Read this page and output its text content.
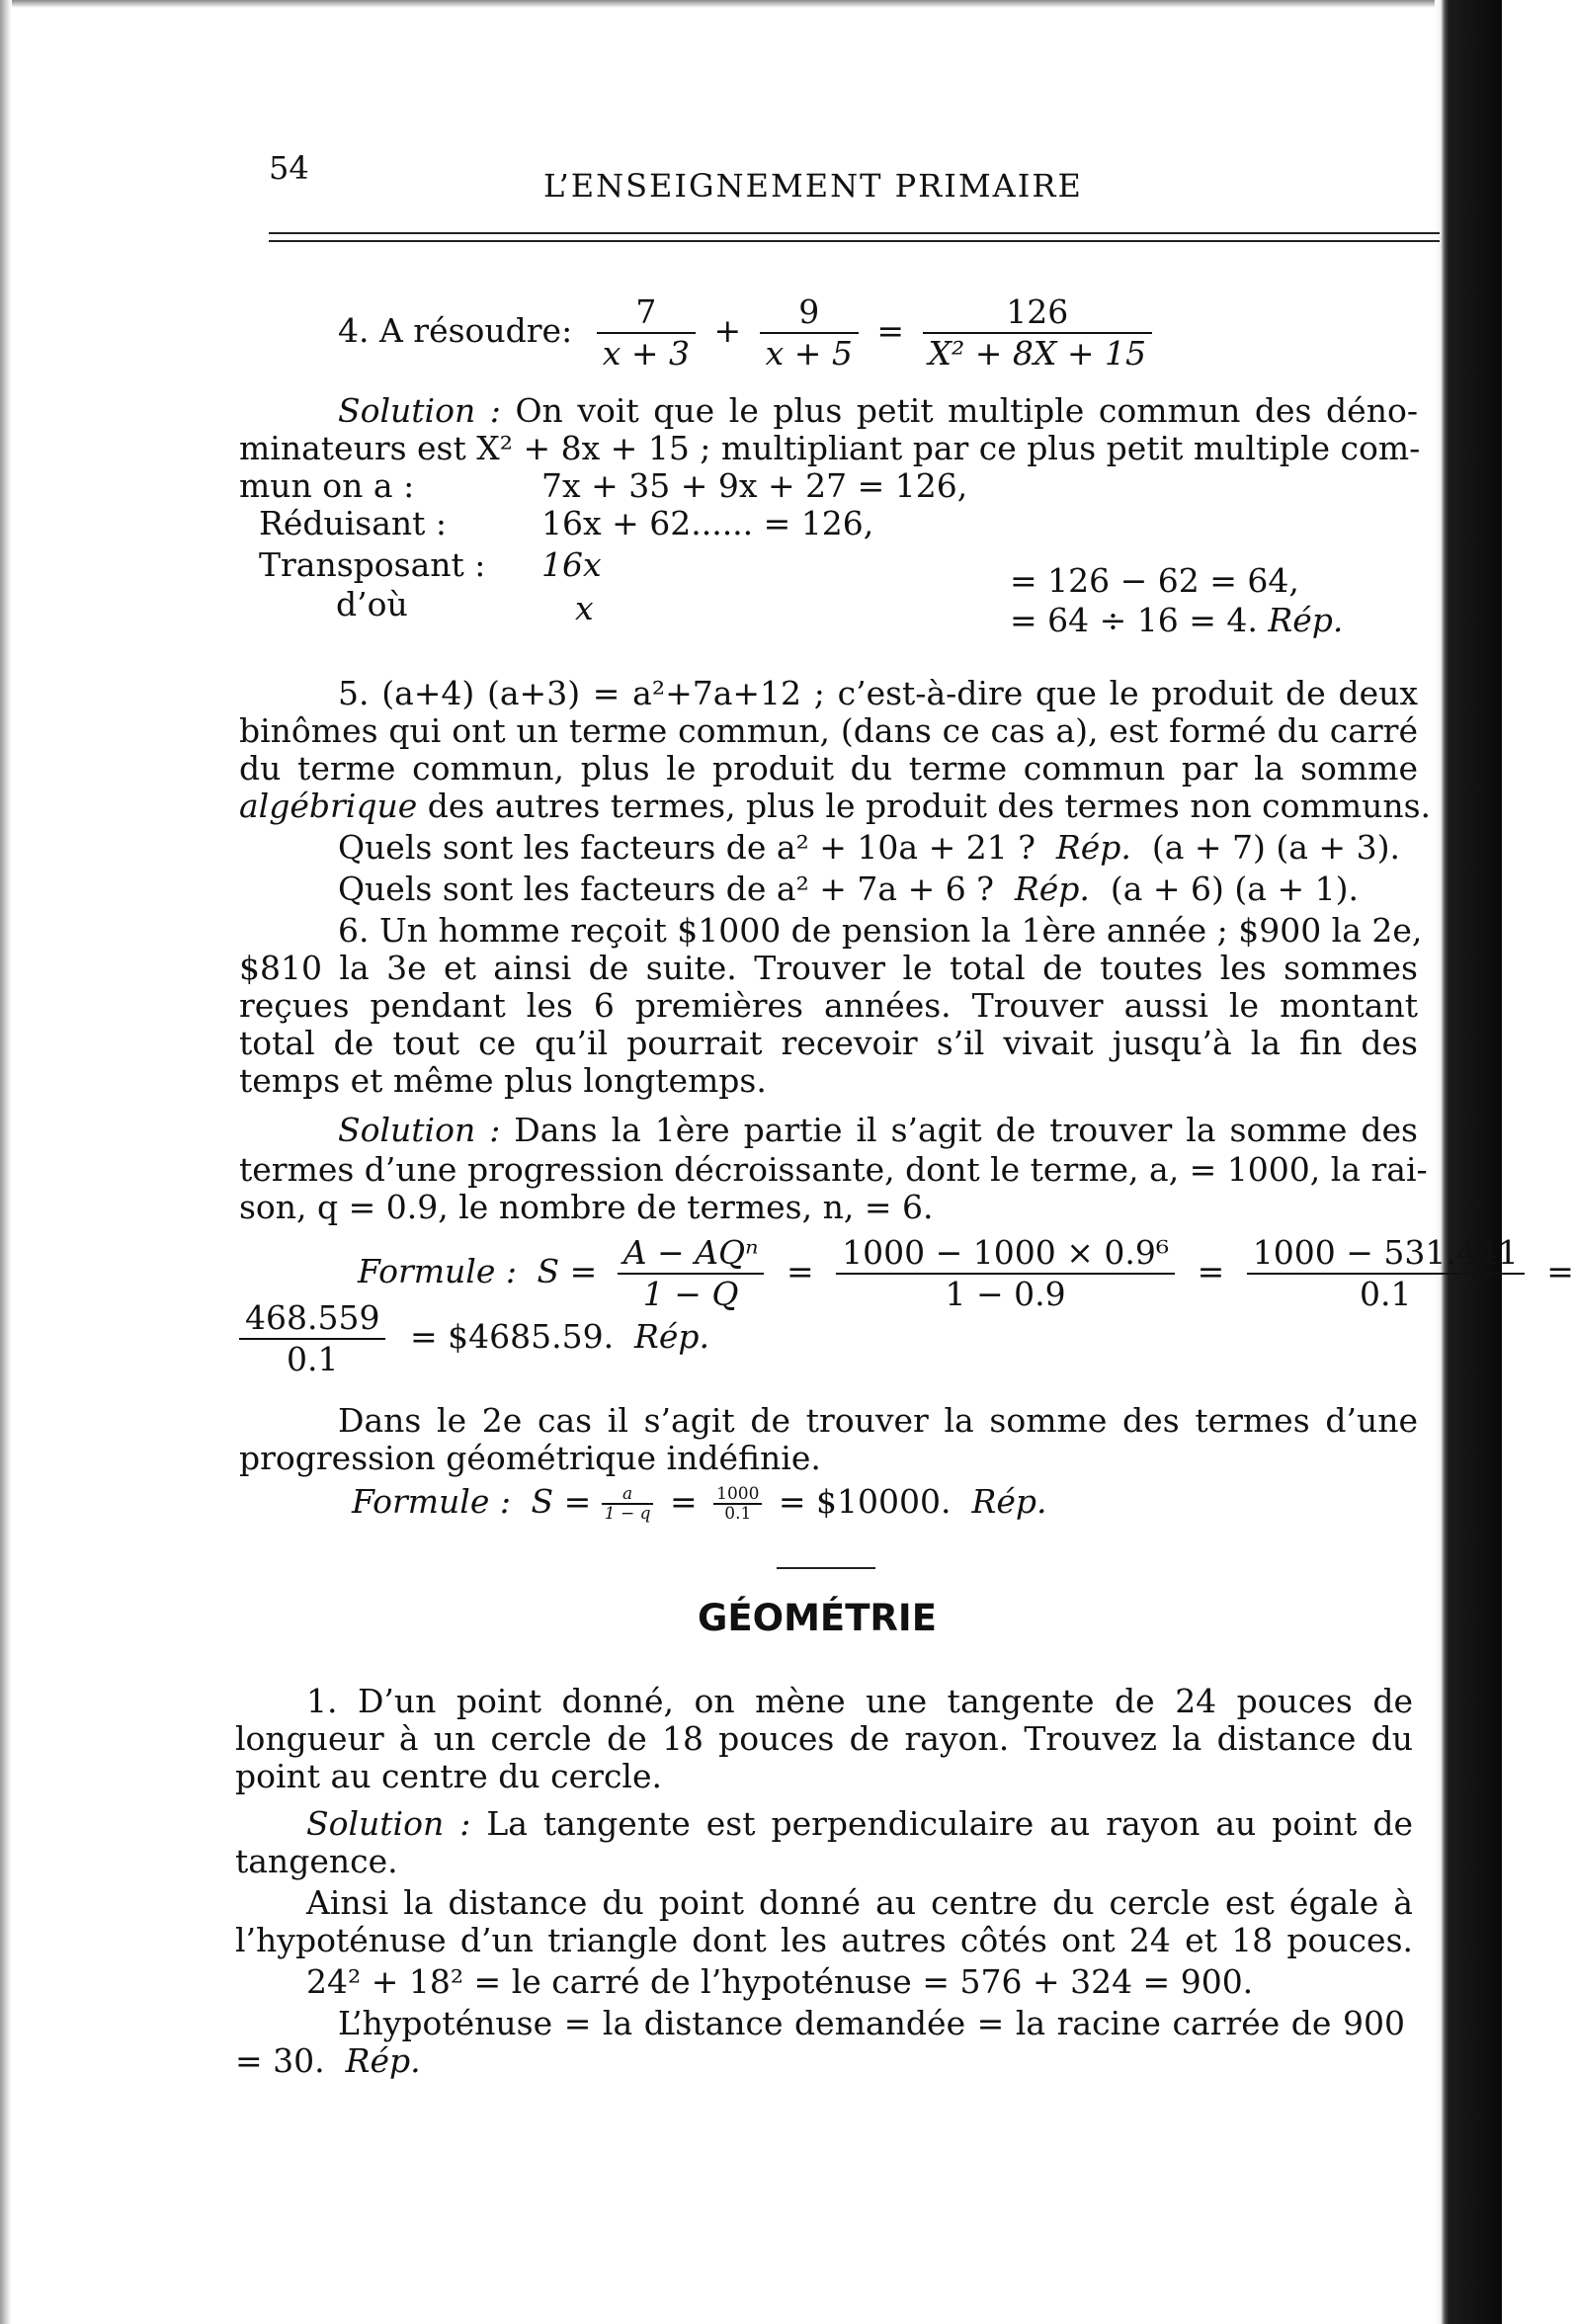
54	L’ENSEIGNEMENT PRIMAIRE
4. A résoudre: $\frac{7}{x + 3} + \frac{9}{x + 5} = \frac{126}{\text{X² + 8X + 15}}$
Solution : On voit que le plus petit multiple commun des déno-
minateurs est X² + 8x + 15 ; multipliant par ce plus petit multiple com-
mun on a :	7x + 35 + 9x + 27 = 126,
Réduisant :	16x + 62...... = 126,
Transposant : 16x	= 126 − 62 = 64,
d’où	x	= 64 ÷ 16 = 4. Rép.
5. (a+4) (a+3) = a²+7a+12 ; c’est-à-dire que le produit de deux
binômes qui ont un terme commun, (dans ce cas a), est formé du carré
du terme commun, plus le produit du terme commun par la somme
algébrique des autres termes, plus le produit des termes non communs.
Quels sont les facteurs de a² + 10a + 21 ? Rép. (a + 7) (a + 3).
Quels sont les facteurs de a² + 7a + 6 ? Rép. (a + 6) (a + 1).
6. Un homme reçoit $1000 de pension la 1ère année ; $900 la 2e,
$810 la 3e et ainsi de suite. Trouver le total de toutes les sommes
reçues pendant les 6 premières années. Trouver aussi le montant
total de tout ce qu’il pourrait recevoir s’il vivait jusqu’à la fin des
temps et même plus longtemps.
Solution : Dans la 1ère partie il s’agit de trouver la somme des
termes d’une progression décroissante, dont le terme, a, = 1000, la rai-
son, q = 0.9, le nombre de termes, n, = 6.
Formule : $S = \frac{\text{A − AQⁿ}}{1 - Q} = \frac{\text{1000 − 1000 × 0.9⁶}}{1 - 0.9} = \frac{1000 - 531.441}{0.1}$ =
$\frac{468.559}{0.1}$ = $4685.59. Rép.
Dans le 2e cas il s’agit de trouver la somme des termes d’une
progression géométrique indéfinie.
Formule : $S = \frac{a}{1 - q} = \frac{1000}{0.1}$ = $10000. Rép.
GÉOMÉTRIE
1. D’un point donné, on mène une tangente de 24 pouces de
longueur à un cercle de 18 pouces de rayon. Trouvez la distance du
point au centre du cercle.
Solution : La tangente est perpendiculaire au rayon au point de
tangence.
Ainsi la distance du point donné au centre du cercle est égale à
l’hypoténuse d’un triangle dont les autres côtés ont 24 et 18 pouces.
24² + 18² = le carré de l’hypoténuse = 576 + 324 = 900.
L’hypoténuse = la distance demandée = la racine carrée de 900
= 30. Rép.
